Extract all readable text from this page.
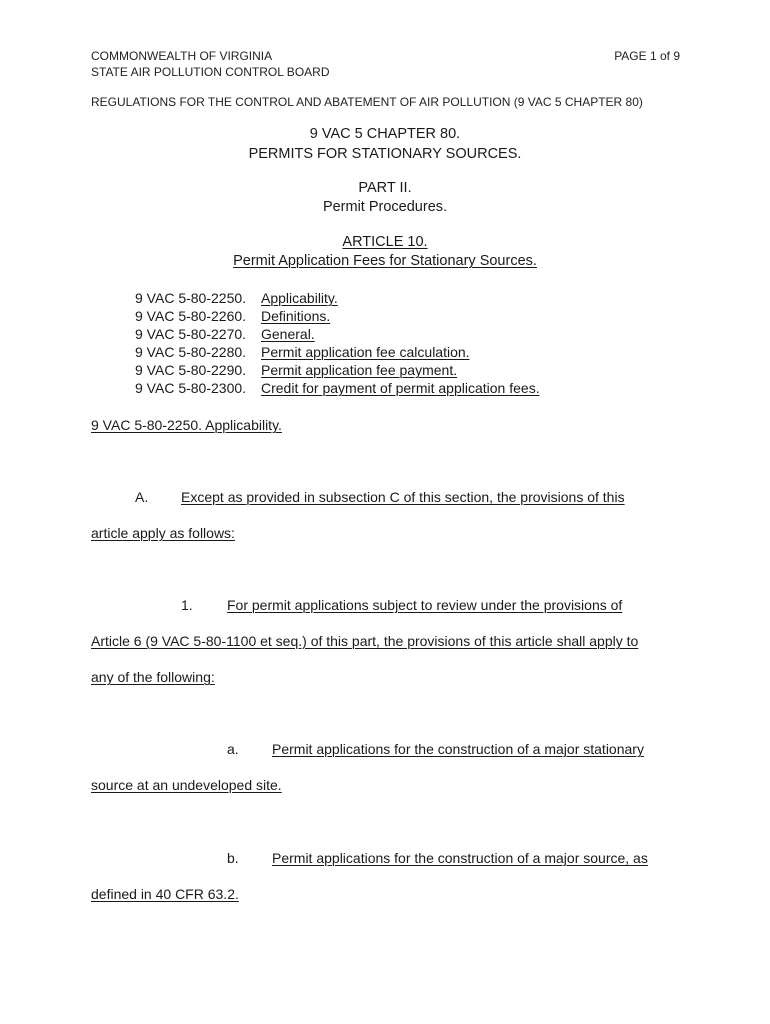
COMMONWEALTH OF VIRGINIA	PAGE 1 of 9
STATE AIR POLLUTION CONTROL BOARD
REGULATIONS FOR THE CONTROL AND ABATEMENT OF AIR POLLUTION (9 VAC 5 CHAPTER 80)
9 VAC 5 CHAPTER 80.
PERMITS FOR STATIONARY SOURCES.
PART II.
Permit Procedures.
ARTICLE 10.
Permit Application Fees for Stationary Sources.
9 VAC 5-80-2250. Applicability.
9 VAC 5-80-2260. Definitions.
9 VAC 5-80-2270. General.
9 VAC 5-80-2280. Permit application fee calculation.
9 VAC 5-80-2290. Permit application fee payment.
9 VAC 5-80-2300. Credit for payment of permit application fees.
9 VAC 5-80-2250. Applicability.
A. Except as provided in subsection C of this section, the provisions of this
article apply as follows:
1. For permit applications subject to review under the provisions of
Article 6 (9 VAC 5-80-1100 et seq.) of this part, the provisions of this article shall apply to
any of the following:
a. Permit applications for the construction of a major stationary
source at an undeveloped site.
b. Permit applications for the construction of a major source, as
defined in 40 CFR 63.2.
